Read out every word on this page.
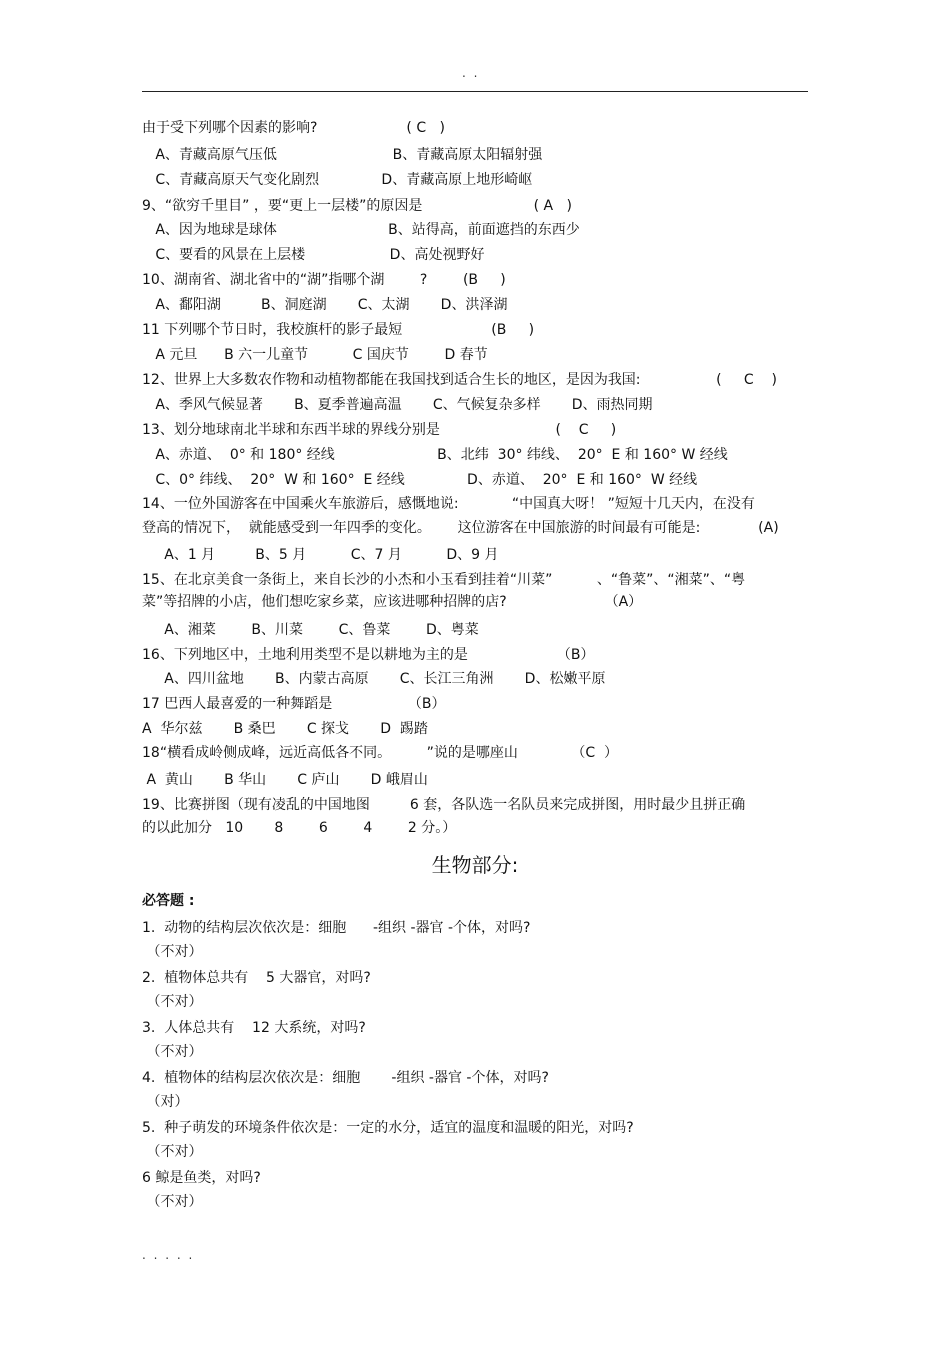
. .
由于受下列哪个因素的影响?                    ( C   )
A、青藏高原气压低                          B、青藏高原太阳辐射强
C、青藏高原天气变化剧烈              D、青藏高原上地形崎岖
9、“欲穷千里目” ，要“更上一层楼”的原因是                         ( A   )
A、因为地球是球体                         B、站得高，前面遮挡的东西少
C、要看的风景在上层楼                   D、高处视野好
10、湖南省、湖北省中的“湖”指哪个湖        ?        (B     )
A、鄱阳湖         B、洞庭湖       C、太湖       D、洪泽湖
11 下列哪个节日时，我校旗杆的影子最短                    (B     )
A 元旦      B 六一儿童节          C 国庆节        D 春节
12、世界上大多数农作物和动植物都能在我国找到适合生长的地区，是因为我国:                 (     C    )
A、季风气候显著       B、夏季普遍高温       C、气候复杂多样       D、雨热同期
13、划分地球南北半球和东西半球的界线分别是                          (    C     )
A、赤道、  0° 和 180° 经线                       B、北纬  30° 纬线、  20°  E 和 160° W 经线
C、0° 纬线、  20°  W 和 160°  E 经线              D、赤道、  20°  E 和 160°  W 经线
14、一位外国游客在中国乘火车旅游后，感慨地说:            “中国真大呀！ ”短短十几天内，在没有
登高的情况下，  就能感受到一年四季的变化。      这位游客在中国旅游的时间最有可能是:             (A)
A、1 月         B、5 月          C、7 月          D、9 月
15、在北京美食一条街上，来自长沙的小杰和小玉看到挂着“川菜”          、“鲁菜”、“湘菜”、“粤
菜”等招牌的小店，他们想吃家乡菜，应该进哪种招牌的店?                      （A）
A、湘菜        B、川菜        C、鲁菜        D、粤菜
16、下列地区中，土地利用类型不是以耕地为主的是                    （B）
A、四川盆地       B、内蒙古高原       C、长江三角洲       D、松嫩平原
17 巴西人最喜爱的一种舞蹈是                 （B）
A  华尔兹       B 桑巴       C 探戈       D  踢踏
18“横看成岭侧成峰，远近高低各不同。        ”说的是哪座山            （C  ）
A  黄山       B 华山       C 庐山       D 峨眉山
19、比赛拼图（现有凌乱的中国地图         6 套，各队选一名队员来完成拼图，用时最少且拼正确
的以此加分   10       8        6        4        2 分。）
生物部分:
必答题 :
1.  动物的结构层次依次是：细胞      -组织 -器官 -个体，对吗?
（不对）
2.  植物体总共有    5 大器官，对吗?
（不对）
3.  人体总共有    12 大系统，对吗?
（不对）
4.  植物体的结构层次依次是：细胞       -组织 -器官 -个体，对吗?
（对）
5.  种子萌发的环境条件依次是：一定的水分，适宜的温度和温暖的阳光，对吗?
（不对）
6 鲸是鱼类，对吗?
（不对）
. . . . .
